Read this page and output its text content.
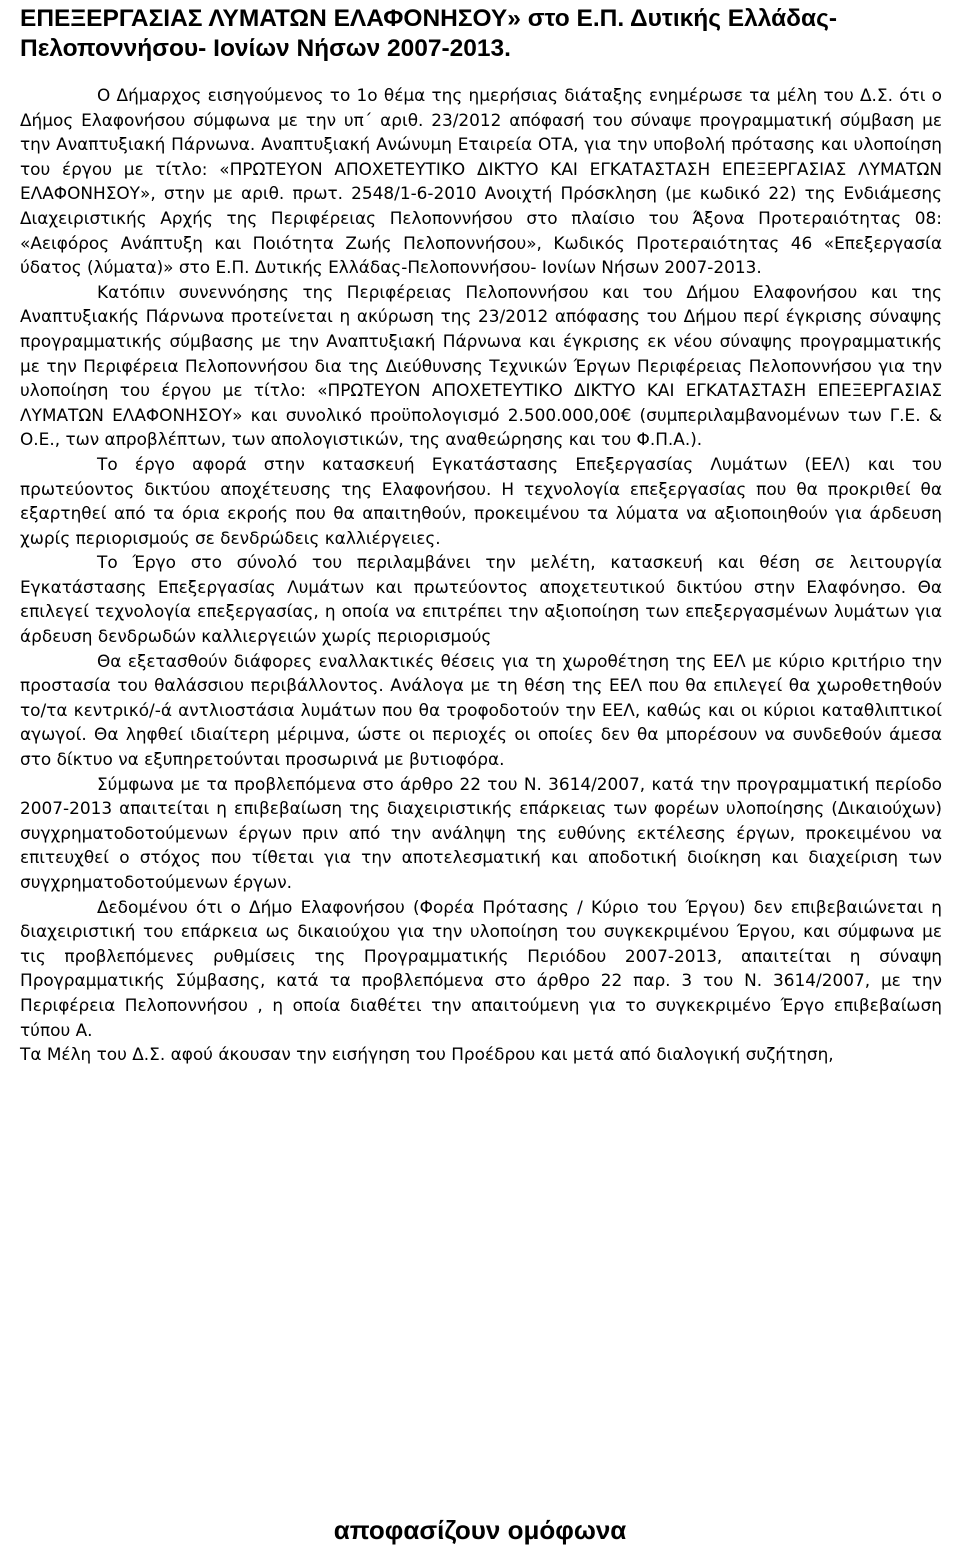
ΕΠΕΞΕΡΓΑΣΙΑΣ ΛΥΜΑΤΩΝ ΕΛΑΦΟΝΗΣΟΥ» στο Ε.Π. Δυτικής Ελλάδας-
Πελοποννήσου- Ιονίων Νήσων 2007-2013.

Ο Δήμαρχος εισηγούμενος το 1ο θέμα της ημερήσιας διάταξης ενημέρωσε τα μέλη του Δ.Σ. ότι ο Δήμος Ελαφονήσου σύμφωνα με την υπ΄ αριθ. 23/2012 απόφασή του σύναψε προγραμματική σύμβαση με την Αναπτυξιακή Πάρνωνα. Αναπτυξιακή Ανώνυμη Εταιρεία ΟΤΑ, για την υποβολή πρότασης και υλοποίηση του έργου με τίτλο: «ΠΡΩΤΕΥΟΝ ΑΠΟΧΕΤΕΥΤΙΚΟ ΔΙΚΤΥΟ ΚΑΙ ΕΓΚΑΤΑΣΤΑΣΗ ΕΠΕΞΕΡΓΑΣΙΑΣ ΛΥΜΑΤΩΝ ΕΛΑΦΟΝΗΣΟΥ», στην με αριθ. πρωτ. 2548/1-6-2010 Ανοιχτή Πρόσκληση (με κωδικό 22) της Ενδιάμεσης Διαχειριστικής Αρχής της Περιφέρειας Πελοποννήσου στο πλαίσιο του Άξονα Προτεραιότητας 08: «Αειφόρος Ανάπτυξη και Ποιότητα Ζωής Πελοποννήσου», Κωδικός Προτεραιότητας 46 «Επεξεργασία ύδατος (λύματα)» στο Ε.Π. Δυτικής Ελλάδας-Πελοποννήσου- Ιονίων Νήσων 2007-2013.

Κατόπιν συνεννόησης της Περιφέρειας Πελοποννήσου και του Δήμου Ελαφονήσου και της Αναπτυξιακής Πάρνωνα προτείνεται η ακύρωση της 23/2012 απόφασης του Δήμου περί έγκρισης σύναψης προγραμματικής σύμβασης με την Αναπτυξιακή Πάρνωνα και έγκρισης εκ νέου σύναψης προγραμματικής με την Περιφέρεια Πελοποννήσου δια της Διεύθυνσης Τεχνικών Έργων Περιφέρειας Πελοποννήσου για την υλοποίηση του έργου με τίτλο: «ΠΡΩΤΕΥΟΝ ΑΠΟΧΕΤΕΥΤΙΚΟ ΔΙΚΤΥΟ ΚΑΙ ΕΓΚΑΤΑΣΤΑΣΗ ΕΠΕΞΕΡΓΑΣΙΑΣ ΛΥΜΑΤΩΝ ΕΛΑΦΟΝΗΣΟΥ» και συνολικό προϋπολογισμό 2.500.000,00€ (συμπεριλαμβανομένων των Γ.Ε. & Ο.Ε., των απροβλέπτων, των απολογιστικών, της αναθεώρησης και του Φ.Π.Α.).

Το έργο αφορά στην κατασκευή Εγκατάστασης Επεξεργασίας Λυμάτων (ΕΕΛ) και του πρωτεύοντος δικτύου αποχέτευσης της Ελαφονήσου. Η τεχνολογία επεξεργασίας που θα προκριθεί θα εξαρτηθεί από τα όρια εκροής που θα απαιτηθούν, προκειμένου τα λύματα να αξιοποιηθούν για άρδευση χωρίς περιορισμούς σε δενδρώδεις καλλιέργειες.

Το Έργο στο σύνολό του περιλαμβάνει την μελέτη, κατασκευή και θέση σε λειτουργία Εγκατάστασης Επεξεργασίας Λυμάτων και πρωτεύοντος αποχετευτικού δικτύου στην Ελαφόνησο. Θα επιλεγεί τεχνολογία επεξεργασίας, η οποία να επιτρέπει την αξιοποίηση των επεξεργασμένων λυμάτων για άρδευση δενδρωδών καλλιεργειών χωρίς περιορισμούς

Θα εξετασθούν διάφορες εναλλακτικές θέσεις για τη χωροθέτηση της ΕΕΛ με κύριο κριτήριο την προστασία του θαλάσσιου περιβάλλοντος. Ανάλογα με τη θέση της ΕΕΛ που θα επιλεγεί θα χωροθετηθούν το/τα κεντρικό/-ά αντλιοστάσια λυμάτων που θα τροφοδοτούν την ΕΕΛ, καθώς και οι κύριοι καταθλιπτικοί αγωγοί. Θα ληφθεί ιδιαίτερη μέριμνα, ώστε οι περιοχές οι οποίες δεν θα μπορέσουν να συνδεθούν άμεσα στο δίκτυο να εξυπηρετούνται προσωρινά με βυτιοφόρα.

Σύμφωνα με τα προβλεπόμενα στο άρθρο 22 του Ν. 3614/2007, κατά την προγραμματική περίοδο 2007-2013 απαιτείται η επιβεβαίωση της διαχειριστικής επάρκειας των φορέων υλοποίησης (Δικαιούχων) συγχρηματοδοτούμενων έργων πριν από την ανάληψη της ευθύνης εκτέλεσης έργων, προκειμένου να επιτευχθεί ο στόχος που τίθεται για την αποτελεσματική και αποδοτική διοίκηση και διαχείριση των συγχρηματοδοτούμενων έργων.

Δεδομένου ότι ο Δήμο Ελαφονήσου (Φορέα Πρότασης / Κύριο του Έργου) δεν επιβεβαιώνεται η διαχειριστική του επάρκεια ως δικαιούχου για την υλοποίηση του συγκεκριμένου Έργου, και σύμφωνα με τις προβλεπόμενες ρυθμίσεις της Προγραμματικής Περιόδου 2007-2013, απαιτείται η σύναψη Προγραμματικής Σύμβασης, κατά τα προβλεπόμενα στο άρθρο 22 παρ. 3 του Ν. 3614/2007, με την Περιφέρεια Πελοποννήσου , η οποία διαθέτει την απαιτούμενη για το συγκεκριμένο Έργο επιβεβαίωση τύπου Α.

Τα Μέλη του Δ.Σ. αφού άκουσαν την εισήγηση του Προέδρου και μετά από διαλογική συζήτηση,

αποφασίζουν ομόφωνα
